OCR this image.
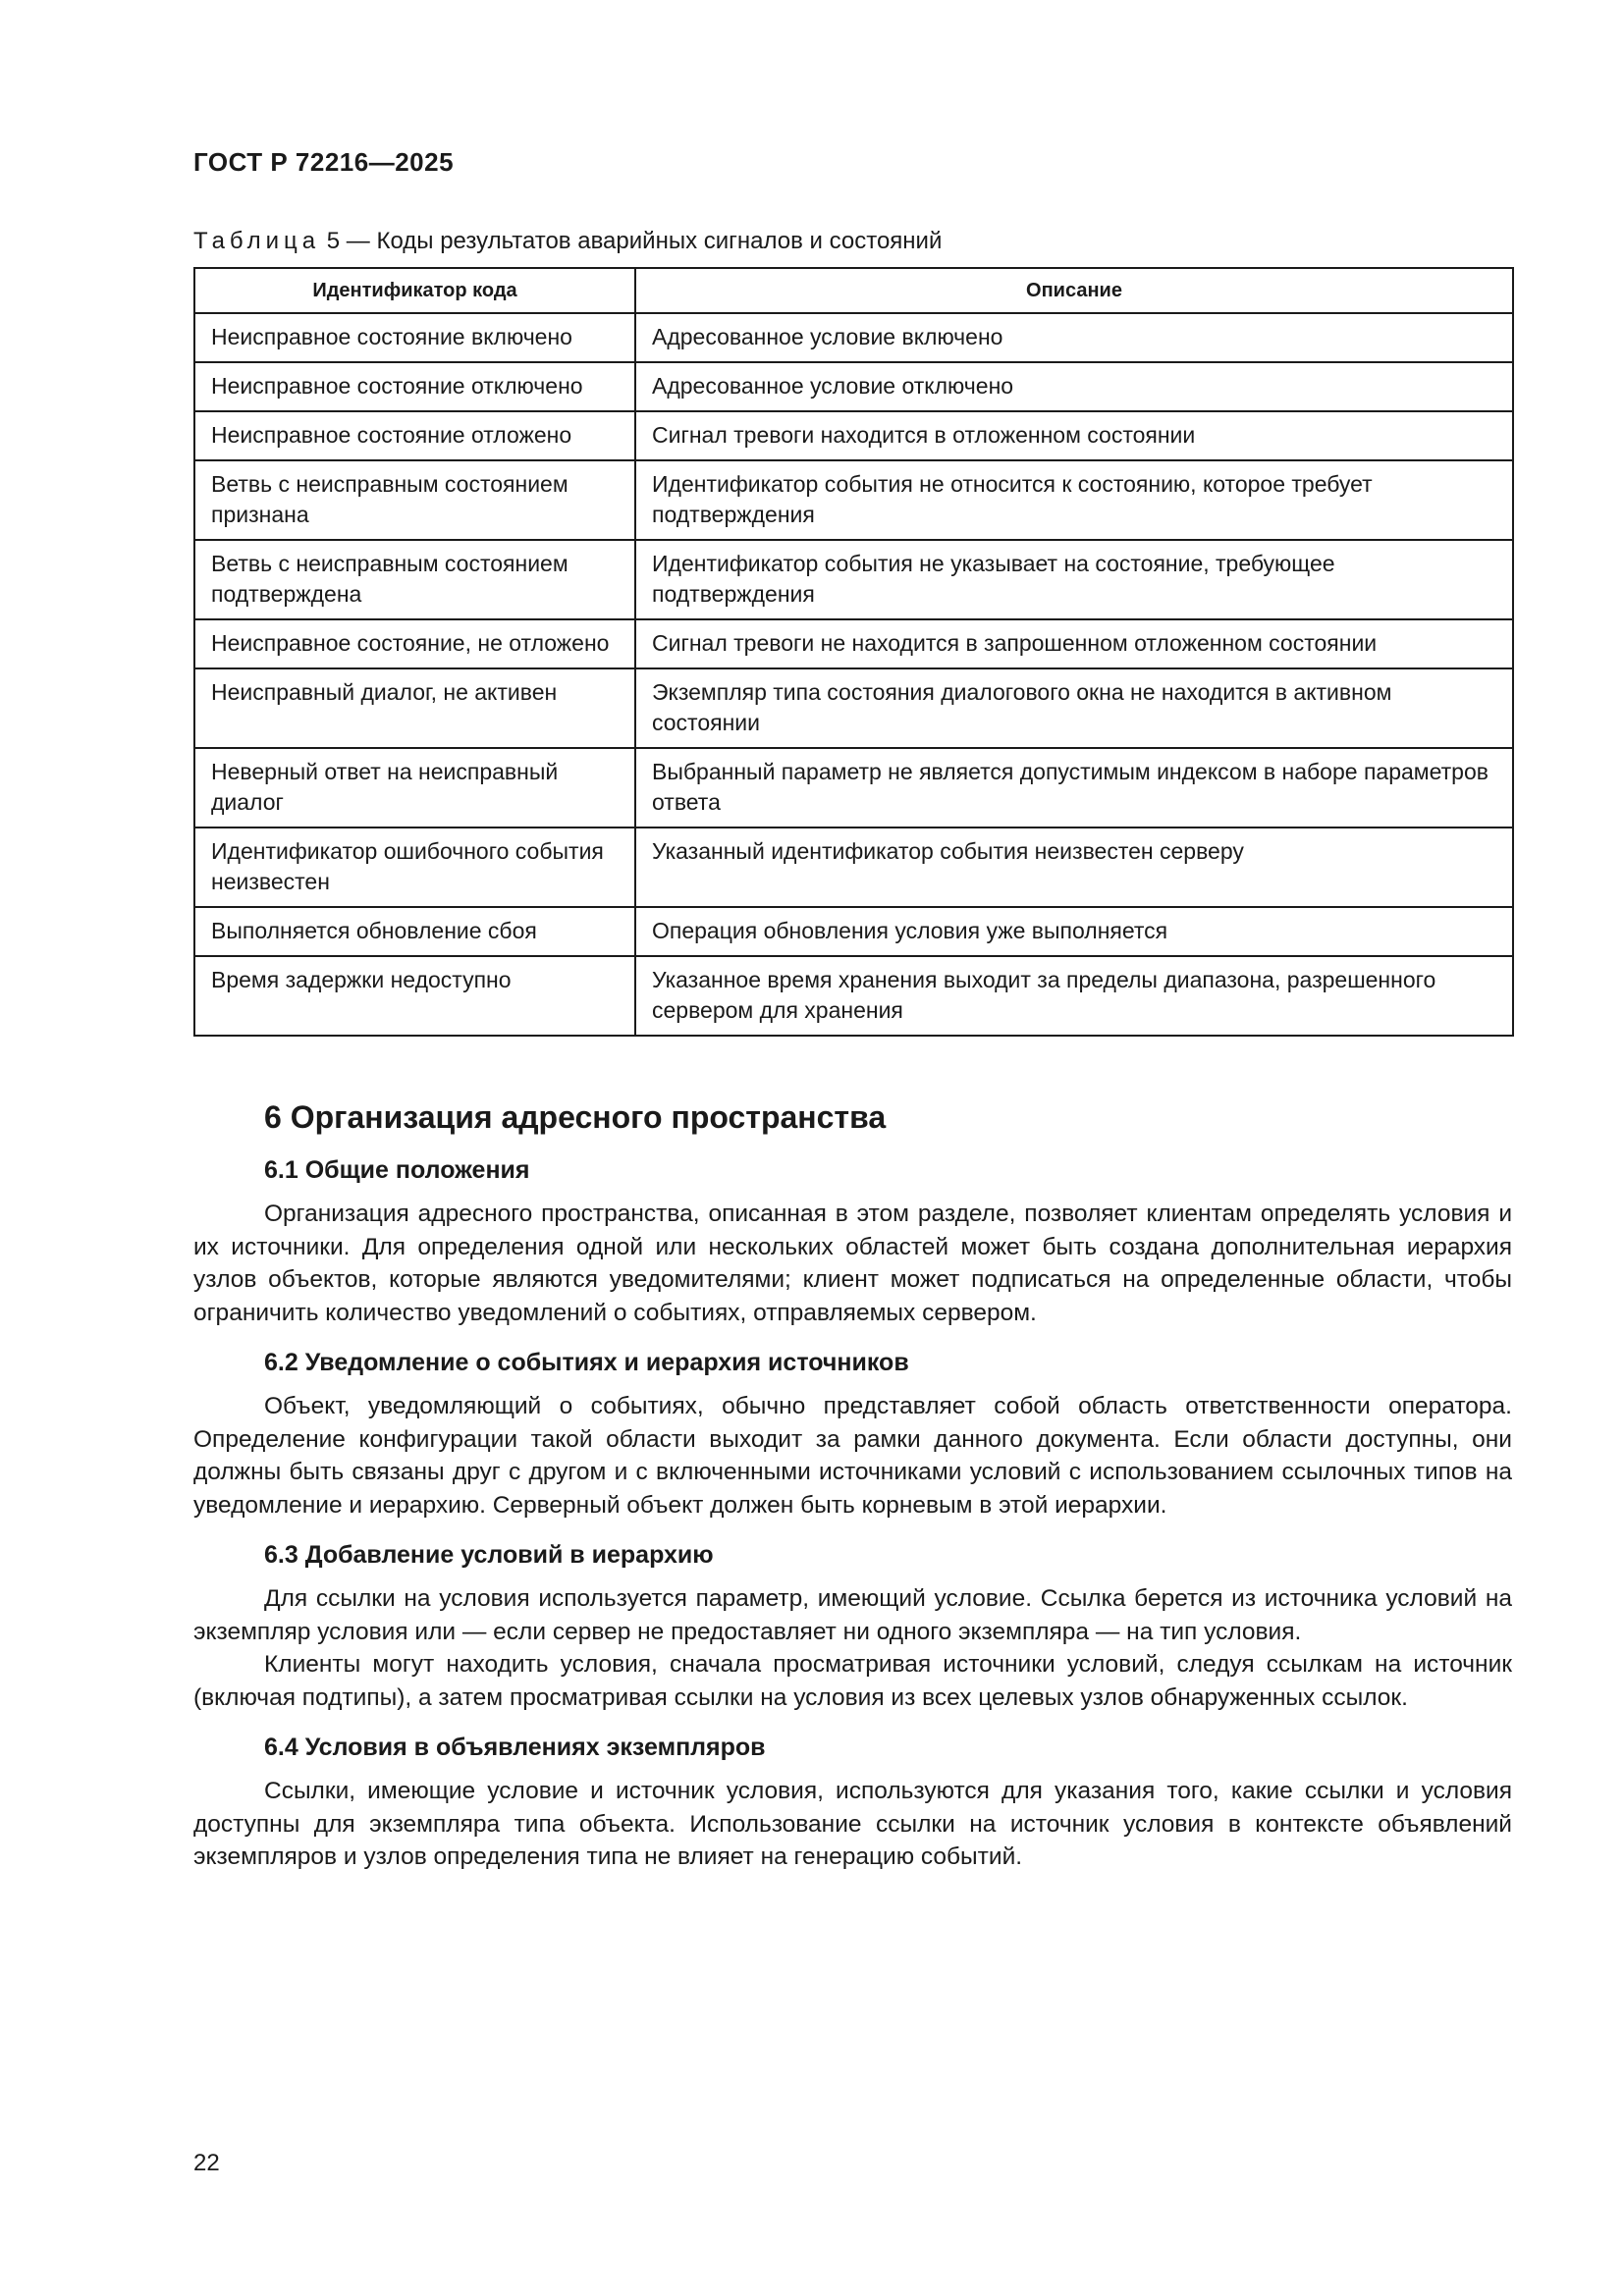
ГОСТ Р 72216—2025
Таблица 5 — Коды результатов аварийных сигналов и состояний
Идентификатор кода	Описание
Неисправное состояние включено	Адресованное условие включено
Неисправное состояние отключено	Адресованное условие отключено
Неисправное состояние отложено	Сигнал тревоги находится в отложенном состоянии
Ветвь с неисправным состоянием признана	Идентификатор события не относится к состоянию, которое требует подтверждения
Ветвь с неисправным состоянием подтверждена	Идентификатор события не указывает на состояние, требующее подтверждения
Неисправное состояние, не отложено	Сигнал тревоги не находится в запрошенном отложенном состоянии
Неисправный диалог, не активен	Экземпляр типа состояния диалогового окна не находится в активном состоянии
Неверный ответ на неисправный диалог	Выбранный параметр не является допустимым индексом в наборе параметров ответа
Идентификатор ошибочного события неизвестен	Указанный идентификатор события неизвестен серверу
Выполняется обновление сбоя	Операция обновления условия уже выполняется
Время задержки недоступно	Указанное время хранения выходит за пределы диапазона, разрешенного сервером для хранения
6 Организация адресного пространства
6.1 Общие положения

Организация адресного пространства, описанная в этом разделе, позволяет клиентам определять условия и их источники. Для определения одной или нескольких областей может быть создана дополнительная иерархия узлов объектов, которые являются уведомителями; клиент может подписаться на определенные области, чтобы ограничить количество уведомлений о событиях, отправляемых сервером.

6.2 Уведомление о событиях и иерархия источников

Объект, уведомляющий о событиях, обычно представляет собой область ответственности оператора. Определение конфигурации такой области выходит за рамки данного документа. Если области доступны, они должны быть связаны друг с другом и с включенными источниками условий с использованием ссылочных типов на уведомление и иерархию. Серверный объект должен быть корневым в этой иерархии.

6.3 Добавление условий в иерархию

Для ссылки на условия используется параметр, имеющий условие. Ссылка берется из источника условий на экземпляр условия или — если сервер не предоставляет ни одного экземпляра — на тип условия.

Клиенты могут находить условия, сначала просматривая источники условий, следуя ссылкам на источник (включая подтипы), а затем просматривая ссылки на условия из всех целевых узлов обнаруженных ссылок.

6.4 Условия в объявлениях экземпляров

Ссылки, имеющие условие и источник условия, используются для указания того, какие ссылки и условия доступны для экземпляра типа объекта. Использование ссылки на источник условия в контексте объявлений экземпляров и узлов определения типа не влияет на генерацию событий.

22
